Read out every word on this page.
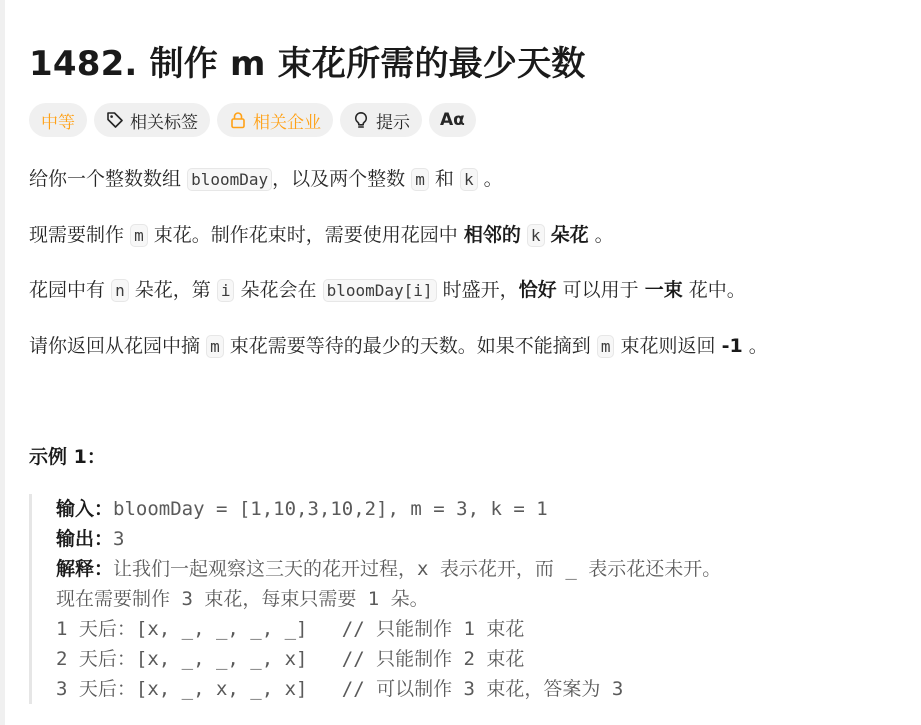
1482. 制作 m 束花所需的最少天数
中等	相关标签	相关企业	提示 Aα

给你一个整数数组 bloomDay ，以及两个整数 m 和 k 。

现需要制作 m 束花。制作花束时，需要使用花园中 相邻的 k 朵花 。

花园中有 n 朵花，第 i 朵花会在 bloomDay[i] 时盛开，恰好 可以用于 一束 花中。

请你返回从花园中摘 m 束花需要等待的最少的天数。如果不能摘到 m 束花则返回 -1 。

示例 1：

输入：bloomDay = [1,10,3,10,2], m = 3, k = 1
输出：3
解释：让我们一起观察这三天的花开过程，x 表示花开，而 _ 表示花还未开。
现在需要制作 3 束花，每束只需要 1 朵。
1 天后：[x, _, _, _, _]   // 只能制作 1 束花
2 天后：[x, _, _, _, x]   // 只能制作 2 束花
3 天后：[x, _, x, _, x]   // 可以制作 3 束花，答案为 3
